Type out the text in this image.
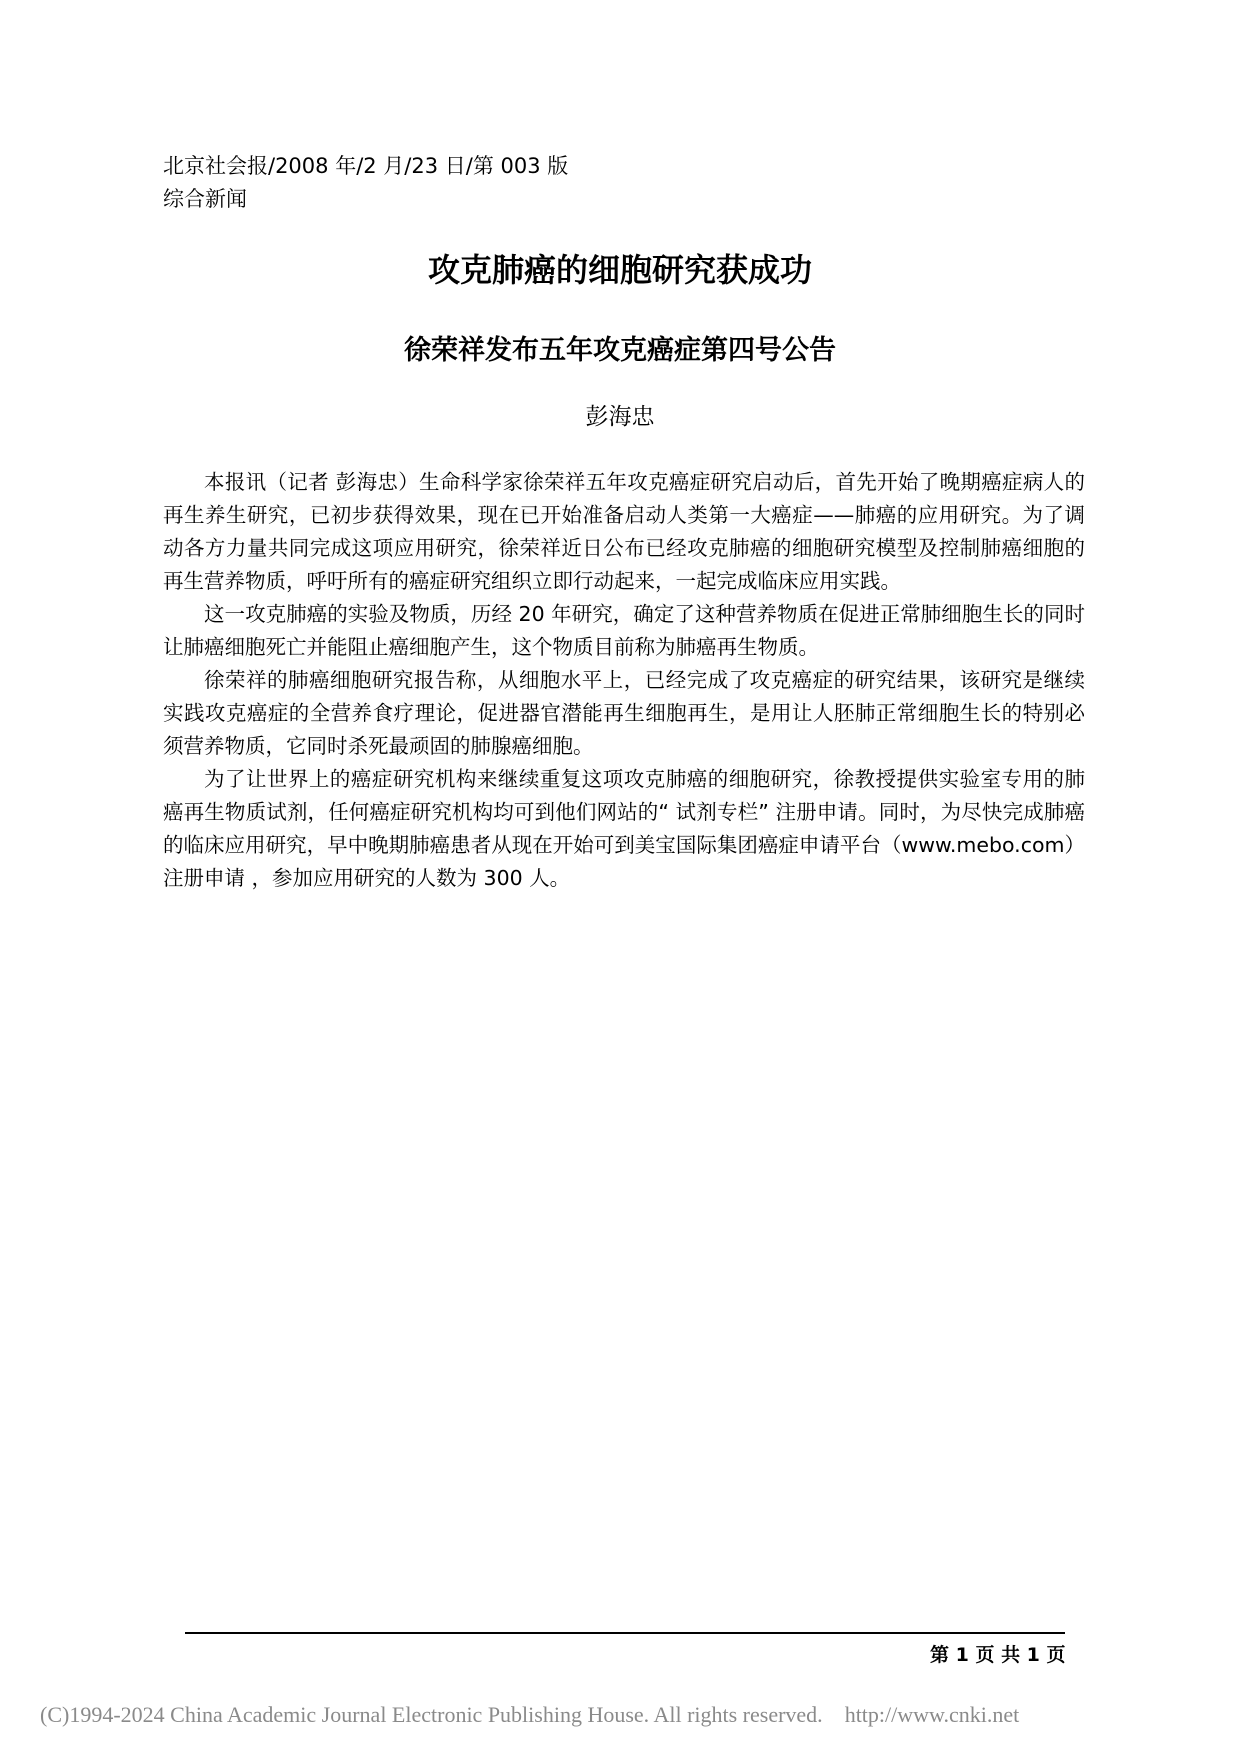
北京社会报/2008 年/2 月/23 日/第 003 版
综合新闻
攻克肺癌的细胞研究获成功
徐荣祥发布五年攻克癌症第四号公告
彭海忠

本报讯（记者 彭海忠）生命科学家徐荣祥五年攻克癌症研究启动后，首先开始了晚期癌症病人的再生养生研究，已初步获得效果，现在已开始准备启动人类第一大癌症——肺癌的应用研究。为了调动各方力量共同完成这项应用研究，徐荣祥近日公布已经攻克肺癌的细胞研究模型及控制肺癌细胞的再生营养物质，呼吁所有的癌症研究组织立即行动起来，一起完成临床应用实践。

这一攻克肺癌的实验及物质，历经 20 年研究，确定了这种营养物质在促进正常肺细胞生长的同时让肺癌细胞死亡并能阻止癌细胞产生，这个物质目前称为肺癌再生物质。

徐荣祥的肺癌细胞研究报告称，从细胞水平上，已经完成了攻克癌症的研究结果，该研究是继续实践攻克癌症的全营养食疗理论，促进器官潜能再生细胞再生，是用让人胚肺正常细胞生长的特别必须营养物质，它同时杀死最顽固的肺腺癌细胞。

为了让世界上的癌症研究机构来继续重复这项攻克肺癌的细胞研究，徐教授提供实验室专用的肺癌再生物质试剂，任何癌症研究机构均可到他们网站的“ 试剂专栏” 注册申请。同时，为尽快完成肺癌的临床应用研究，早中晚期肺癌患者从现在开始可到美宝国际集团癌症申请平台（www.mebo.com）注册申请 ，参加应用研究的人数为 300 人。

第 1 页 共 1 页
(C)1994-2024 China Academic Journal Electronic Publishing House. All rights reserved. http://www.cnki.net
